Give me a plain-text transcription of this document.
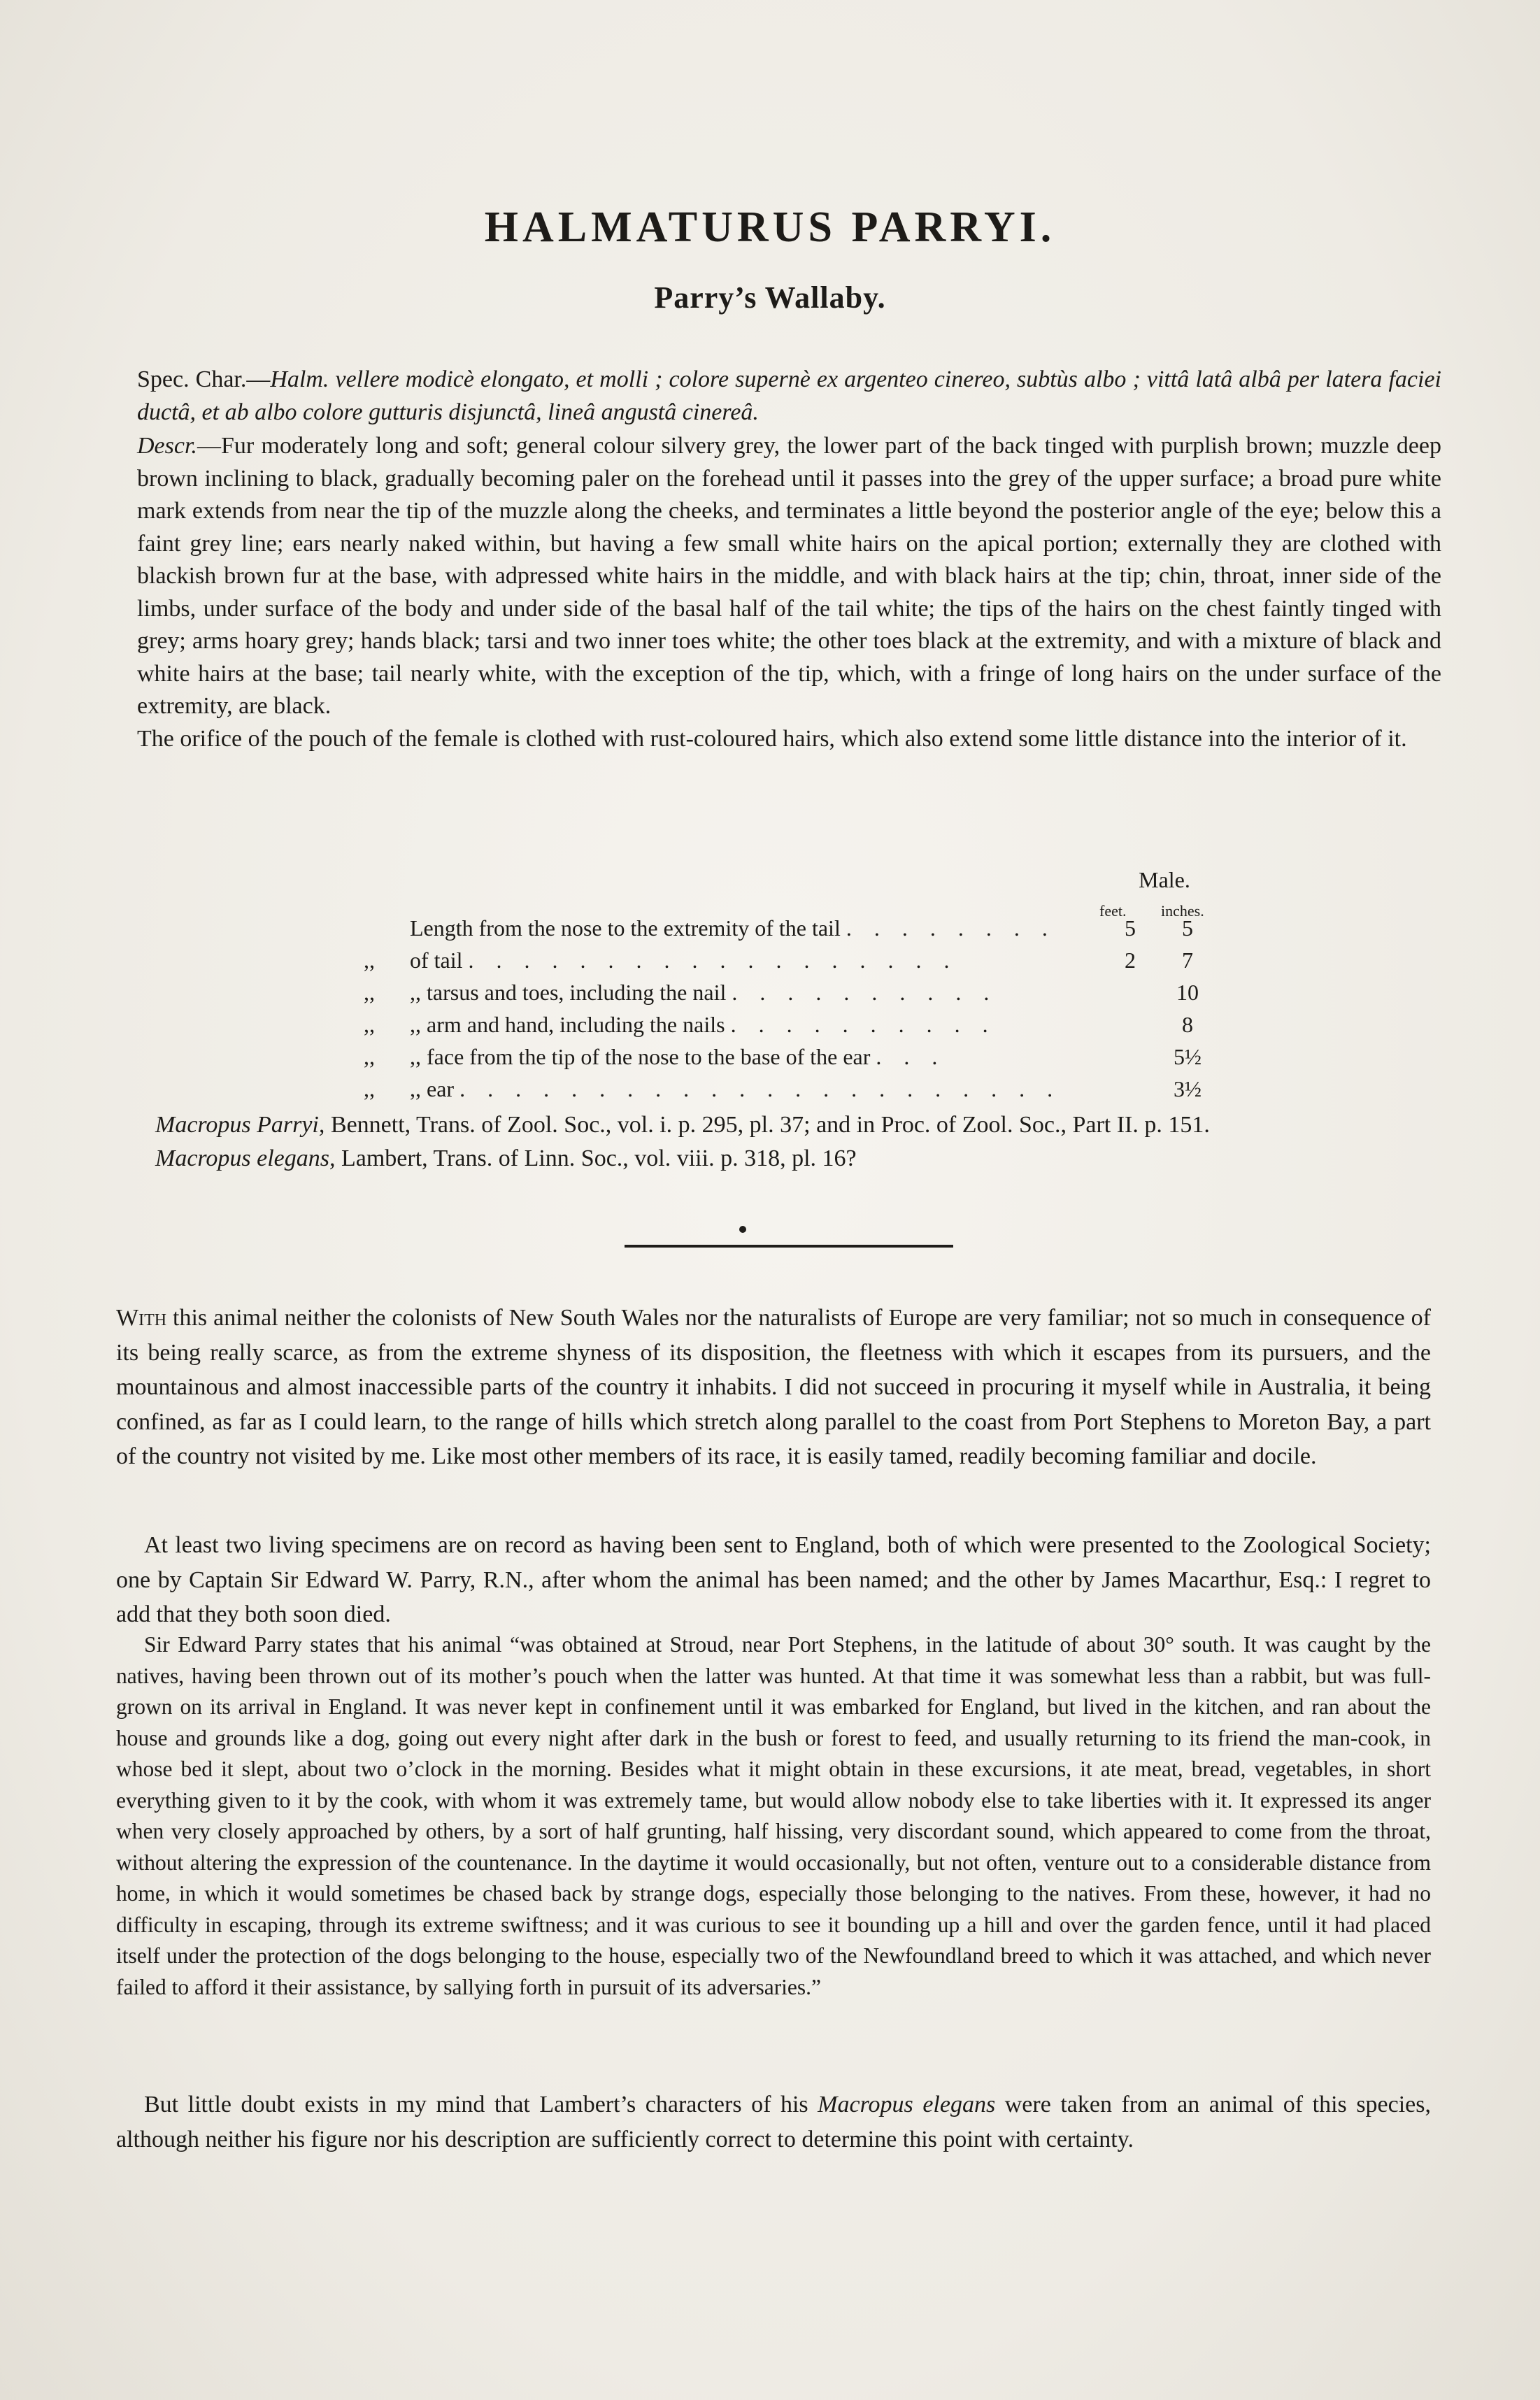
HALMATURUS PARRYI.
Parry’s Wallaby.
Spec. Char.—Halm. vellere modicè elongato, et molli ; colore supernè ex argenteo cinereo, subtùs albo ; vittâ latâ albâ per latera faciei ductâ, et ab albo colore gutturis disjunctâ, lineâ angustâ cinereâ.
Descr.—Fur moderately long and soft; general colour silvery grey, the lower part of the back tinged with purplish brown; muzzle deep brown inclining to black, gradually becoming paler on the forehead until it passes into the grey of the upper surface; a broad pure white mark extends from near the tip of the muzzle along the cheeks, and terminates a little beyond the posterior angle of the eye; below this a faint grey line; ears nearly naked within, but having a few small white hairs on the apical portion; externally they are clothed with blackish brown fur at the base, with adpressed white hairs in the middle, and with black hairs at the tip; chin, throat, inner side of the limbs, under surface of the body and under side of the basal half of the tail white; the tips of the hairs on the chest faintly tinged with grey; arms hoary grey; hands black; tarsi and two inner toes white; the other toes black at the extremity, and with a mixture of black and white hairs at the base; tail nearly white, with the exception of the tip, which, with a fringe of long hairs on the under surface of the extremity, are black.
The orifice of the pouch of the female is clothed with rust-coloured hairs, which also extend some little distance into the interior of it.
Male.
feet. inches.
	Length from the nose to the extremity of the tail . . . . . . . .	5	5
,,	of tail . . . . . . . . . . . . . . . . . .	2	7
,,	,, tarsus and toes, including the nail . . . . . . . . . .		10
,,	,, arm and hand, including the nails . . . . . . . . . .		8
,,	,, face from the tip of the nose to the base of the ear . . .		5½
,,	,, ear . . . . . . . . . . . . . . . . . . . . . .		3½
Macropus Parryi, Bennett, Trans. of Zool. Soc., vol. i. p. 295, pl. 37; and in Proc. of Zool. Soc., Part II. p. 151.
Macropus elegans, Lambert, Trans. of Linn. Soc., vol. viii. p. 318, pl. 16?
With this animal neither the colonists of New South Wales nor the naturalists of Europe are very familiar; not so much in consequence of its being really scarce, as from the extreme shyness of its disposition, the fleetness with which it escapes from its pursuers, and the mountainous and almost inaccessible parts of the country it inhabits. I did not succeed in procuring it myself while in Australia, it being confined, as far as I could learn, to the range of hills which stretch along parallel to the coast from Port Stephens to Moreton Bay, a part of the country not visited by me. Like most other members of its race, it is easily tamed, readily becoming familiar and docile.
At least two living specimens are on record as having been sent to England, both of which were presented to the Zoological Society; one by Captain Sir Edward W. Parry, R.N., after whom the animal has been named; and the other by James Macarthur, Esq.: I regret to add that they both soon died.
Sir Edward Parry states that his animal “was obtained at Stroud, near Port Stephens, in the latitude of about 30° south. It was caught by the natives, having been thrown out of its mother’s pouch when the latter was hunted. At that time it was somewhat less than a rabbit, but was full-grown on its arrival in England. It was never kept in confinement until it was embarked for England, but lived in the kitchen, and ran about the house and grounds like a dog, going out every night after dark in the bush or forest to feed, and usually returning to its friend the man-cook, in whose bed it slept, about two o’clock in the morning. Besides what it might obtain in these excursions, it ate meat, bread, vegetables, in short everything given to it by the cook, with whom it was extremely tame, but would allow nobody else to take liberties with it. It expressed its anger when very closely approached by others, by a sort of half grunting, half hissing, very discordant sound, which appeared to come from the throat, without altering the expression of the countenance. In the daytime it would occasionally, but not often, venture out to a considerable distance from home, in which it would sometimes be chased back by strange dogs, especially those belonging to the natives. From these, however, it had no difficulty in escaping, through its extreme swiftness; and it was curious to see it bounding up a hill and over the garden fence, until it had placed itself under the protection of the dogs belonging to the house, especially two of the Newfoundland breed to which it was attached, and which never failed to afford it their assistance, by sallying forth in pursuit of its adversaries.”
But little doubt exists in my mind that Lambert’s characters of his Macropus elegans were taken from an animal of this species, although neither his figure nor his description are sufficiently correct to determine this point with certainty.
